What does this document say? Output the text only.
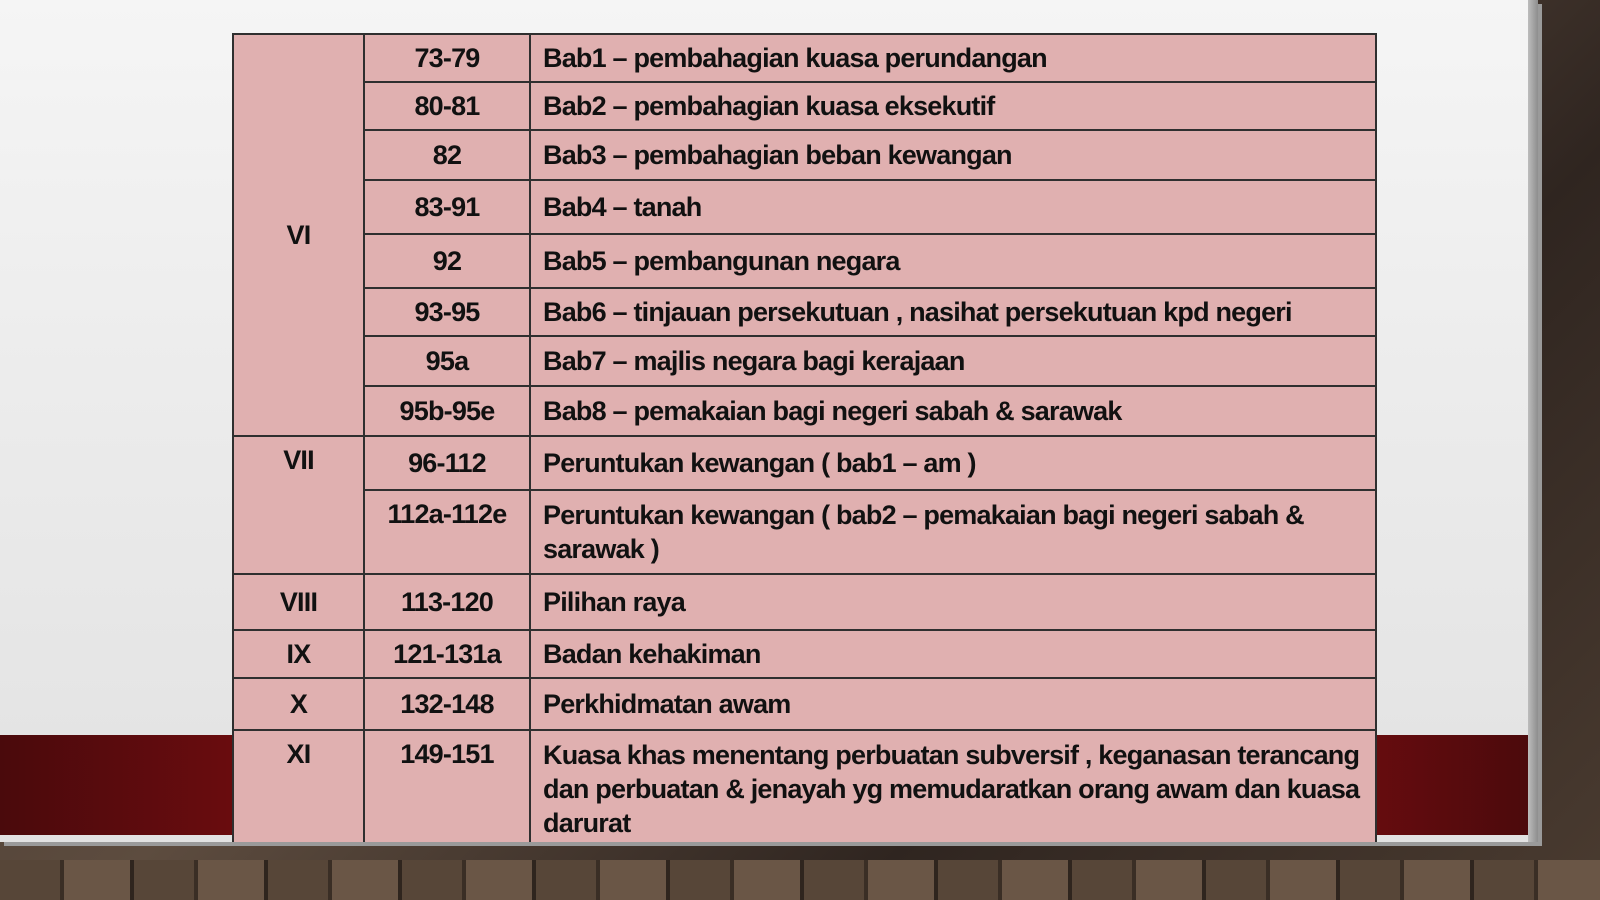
VI	73-79	Bab1 – pembahagian kuasa perundangan
	80-81	Bab2 – pembahagian kuasa eksekutif
	82	Bab3 – pembahagian beban kewangan
	83-91	Bab4 – tanah
	92	Bab5 – pembangunan negara
	93-95	Bab6 – tinjauan persekutuan , nasihat persekutuan kpd negeri
	95a	Bab7 – majlis negara bagi kerajaan
	95b-95e	Bab8 – pemakaian bagi negeri sabah & sarawak
VII	96-112	Peruntukan kewangan ( bab1 – am )
	112a-112e	Peruntukan kewangan ( bab2 – pemakaian bagi negeri sabah & sarawak )
VIII	113-120	Pilihan raya
IX	121-131a	Badan kehakiman
X	132-148	Perkhidmatan awam
XI	149-151	Kuasa khas menentang perbuatan subversif , keganasan terancang dan perbuatan & jenayah yg memudaratkan orang awam dan kuasa darurat
